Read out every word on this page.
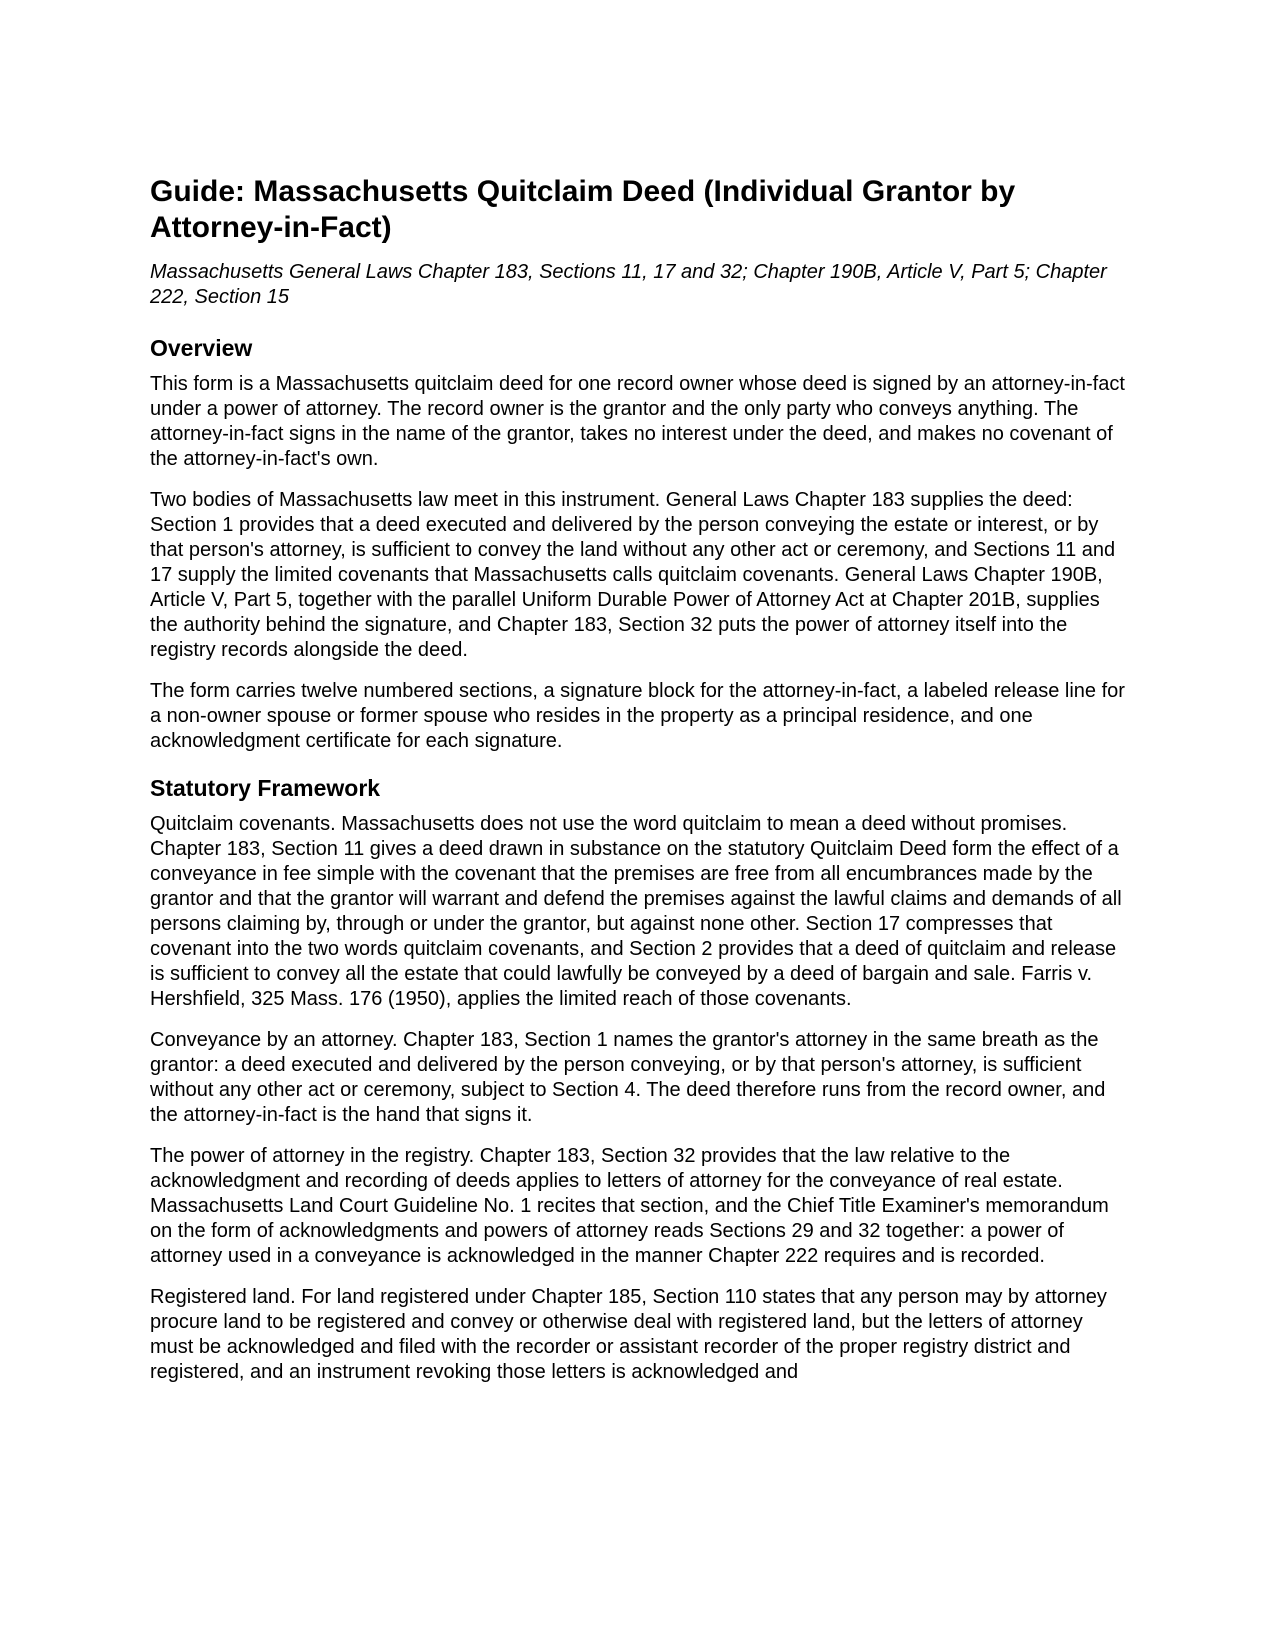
Guide: Massachusetts Quitclaim Deed (Individual Grantor by Attorney-in-Fact)
Massachusetts General Laws Chapter 183, Sections 11, 17 and 32; Chapter 190B, Article V, Part 5; Chapter 222, Section 15
Overview

This form is a Massachusetts quitclaim deed for one record owner whose deed is signed by an attorney-in-fact under a power of attorney. The record owner is the grantor and the only party who conveys anything. The attorney-in-fact signs in the name of the grantor, takes no interest under the deed, and makes no covenant of the attorney-in-fact's own.

Two bodies of Massachusetts law meet in this instrument. General Laws Chapter 183 supplies the deed: Section 1 provides that a deed executed and delivered by the person conveying the estate or interest, or by that person's attorney, is sufficient to convey the land without any other act or ceremony, and Sections 11 and 17 supply the limited covenants that Massachusetts calls quitclaim covenants. General Laws Chapter 190B, Article V, Part 5, together with the parallel Uniform Durable Power of Attorney Act at Chapter 201B, supplies the authority behind the signature, and Chapter 183, Section 32 puts the power of attorney itself into the registry records alongside the deed.

The form carries twelve numbered sections, a signature block for the attorney-in-fact, a labeled release line for a non-owner spouse or former spouse who resides in the property as a principal residence, and one acknowledgment certificate for each signature.

Statutory Framework

Quitclaim covenants. Massachusetts does not use the word quitclaim to mean a deed without promises. Chapter 183, Section 11 gives a deed drawn in substance on the statutory Quitclaim Deed form the effect of a conveyance in fee simple with the covenant that the premises are free from all encumbrances made by the grantor and that the grantor will warrant and defend the premises against the lawful claims and demands of all persons claiming by, through or under the grantor, but against none other. Section 17 compresses that covenant into the two words quitclaim covenants, and Section 2 provides that a deed of quitclaim and release is sufficient to convey all the estate that could lawfully be conveyed by a deed of bargain and sale. Farris v. Hershfield, 325 Mass. 176 (1950), applies the limited reach of those covenants.

Conveyance by an attorney. Chapter 183, Section 1 names the grantor's attorney in the same breath as the grantor: a deed executed and delivered by the person conveying, or by that person's attorney, is sufficient without any other act or ceremony, subject to Section 4. The deed therefore runs from the record owner, and the attorney-in-fact is the hand that signs it.

The power of attorney in the registry. Chapter 183, Section 32 provides that the law relative to the acknowledgment and recording of deeds applies to letters of attorney for the conveyance of real estate. Massachusetts Land Court Guideline No. 1 recites that section, and the Chief Title Examiner's memorandum on the form of acknowledgments and powers of attorney reads Sections 29 and 32 together: a power of attorney used in a conveyance is acknowledged in the manner Chapter 222 requires and is recorded.

Registered land. For land registered under Chapter 185, Section 110 states that any person may by attorney procure land to be registered and convey or otherwise deal with registered land, but the letters of attorney must be acknowledged and filed with the recorder or assistant recorder of the proper registry district and registered, and an instrument revoking those letters is acknowledged and
